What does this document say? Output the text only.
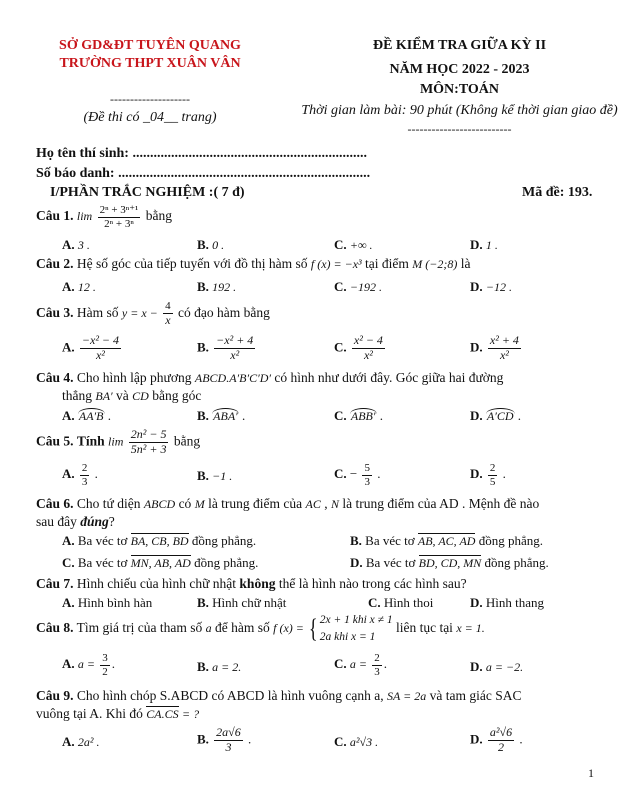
SỞ GD&ĐT TUYÊN QUANG
TRƯỜNG THPT XUÂN VÂN
--------------------
(Đề thi có _04__ trang)
ĐỀ KIỂM TRA GIỮA KỲ II
NĂM HỌC 2022 - 2023
MÔN:TOÁN
Thời gian làm bài: 90 phút (Không kể thời gian giao đề)
--------------------------
Họ tên thí sinh: ...................................................................
Số báo danh: ........................................................................
I/PHẦN TRẮC NGHIỆM :( 7 đ)	Mã đề: 193.
Câu 1. $\lim \frac{\text{2ⁿ + 3ⁿ⁺¹}}{\text{2ⁿ + 3ⁿ}}$ bằng
A. 3 .	B. 0 .	C. +∞ .	D. 1 .
Câu 2. Hệ số góc của tiếp tuyến với đồ thị hàm số f (x) = −x³ tại điểm M (−2;8) là
A. 12 .	B. 192 .	C. −192 .	D. −12 .
Câu 3. Hàm số $y = x - \frac{4}{x}$ có đạo hàm bằng
A. $\frac{\text{−x² − 4}}{\text{x²}}$	B. $\frac{\text{−x² + 4}}{\text{x²}}$	C. $\frac{\text{x² − 4}}{\text{x²}}$	D. $\frac{\text{x² + 4}}{\text{x²}}$
Câu 4. Cho hình lập phương ABCD.A′B′C′D′ có hình như dưới đây. Góc giữa hai đường
thẳng BA′ và CD bằng góc
A. AA′B .	B. ABA′ .	C. ABB′ .	D. A′CD .
Câu 5. Tính $\lim \frac{\text{2n² − 5}}{\text{5n² + 3}}$ bằng
A. $\frac{2}{3}$ .	B. −1 .	C. − $\frac{5}{3}$ .	D. $\frac{2}{5}$ .
Câu 6. Cho tứ diện ABCD có M là trung điểm của AC , N là trung điểm của AD . Mệnh đề nào
sau đây đúng?
A. Ba véc tơ BA, CB, BD đồng phẳng.	B. Ba véc tơ AB, AC, AD đồng phẳng.
C. Ba véc tơ MN, AB, AD đồng phẳng.	D. Ba véc tơ BD, CD, MN đồng phẳng.
Câu 7. Hình chiếu của hình chữ nhật không thể là hình nào trong các hình sau?
A. Hình bình hàn	B. Hình chữ nhật	C. Hình thoi	D. Hình thang
Câu 8. Tìm giá trị của tham số a để hàm số f (x) = { 2x + 1 khi x ≠ 1
2a khi x = 1
liên tục tại x = 1.
A. $a = \frac{3}{2}$ .	B. a = 2.	C. $a = \frac{2}{3}$ .	D. a = −2.
Câu 9. Cho hình chóp S.ABCD có ABCD là hình vuông cạnh a, SA = 2a và tam giác SAC
vuông tại A. Khi đó CA.CS = ?
A. 2a² .	B. $\frac{2a√6}{3}$ .	C. a²√3 .	D. $\frac{\text{a²√6}}{2}$ .
1
